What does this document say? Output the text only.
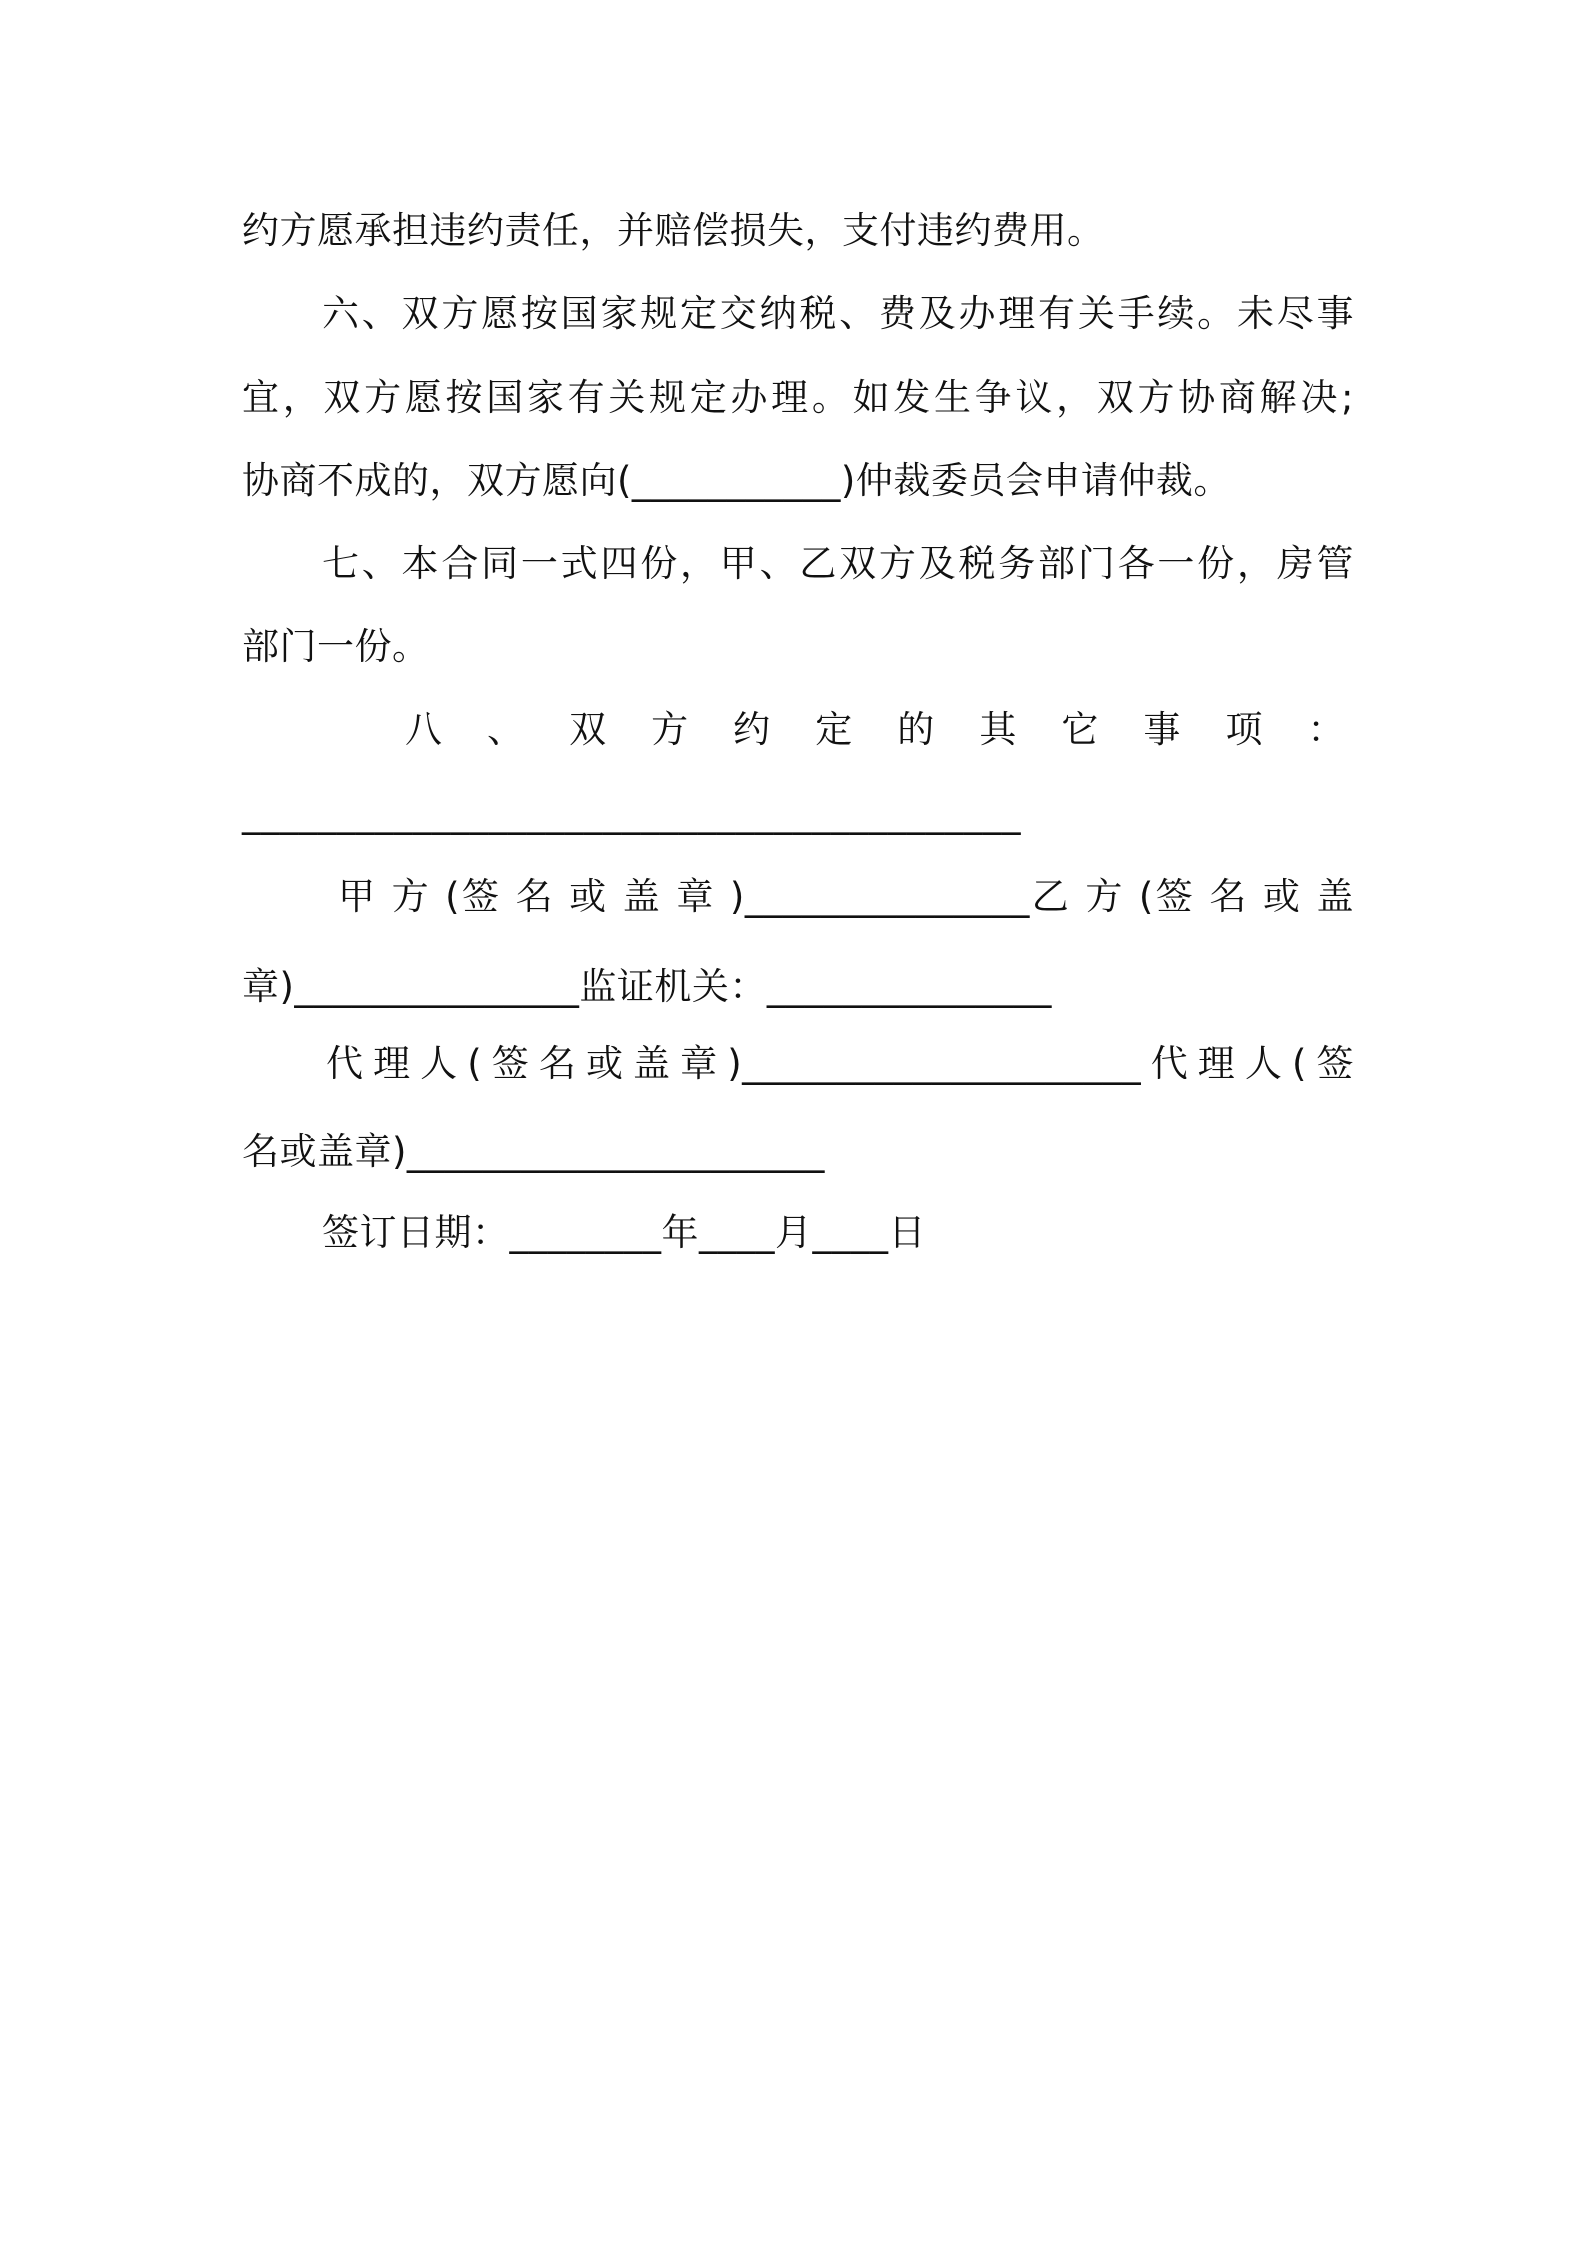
约方愿承担违约责任，并赔偿损失，支付违约费用。
六、双方愿按国家规定交纳税、费及办理有关手续。未尽事
宜，双方愿按国家有关规定办理。如发生争议，双方协商解决;
协商不成的，双方愿向(___________)仲裁委员会申请仲裁。
七、本合同一式四份，甲、乙双方及税务部门各一份，房管
部门一份。
八 、 双 方 约 定 的 其 它 事 项 ：
_________________________________________
甲 方 (签 名 或 盖 章 )_______________乙 方 (签 名 或 盖
章)_______________监证机关：_______________
代理人(签名或盖章)_____________________代理人(签
名或盖章)______________________
签订日期：________年____月____日
